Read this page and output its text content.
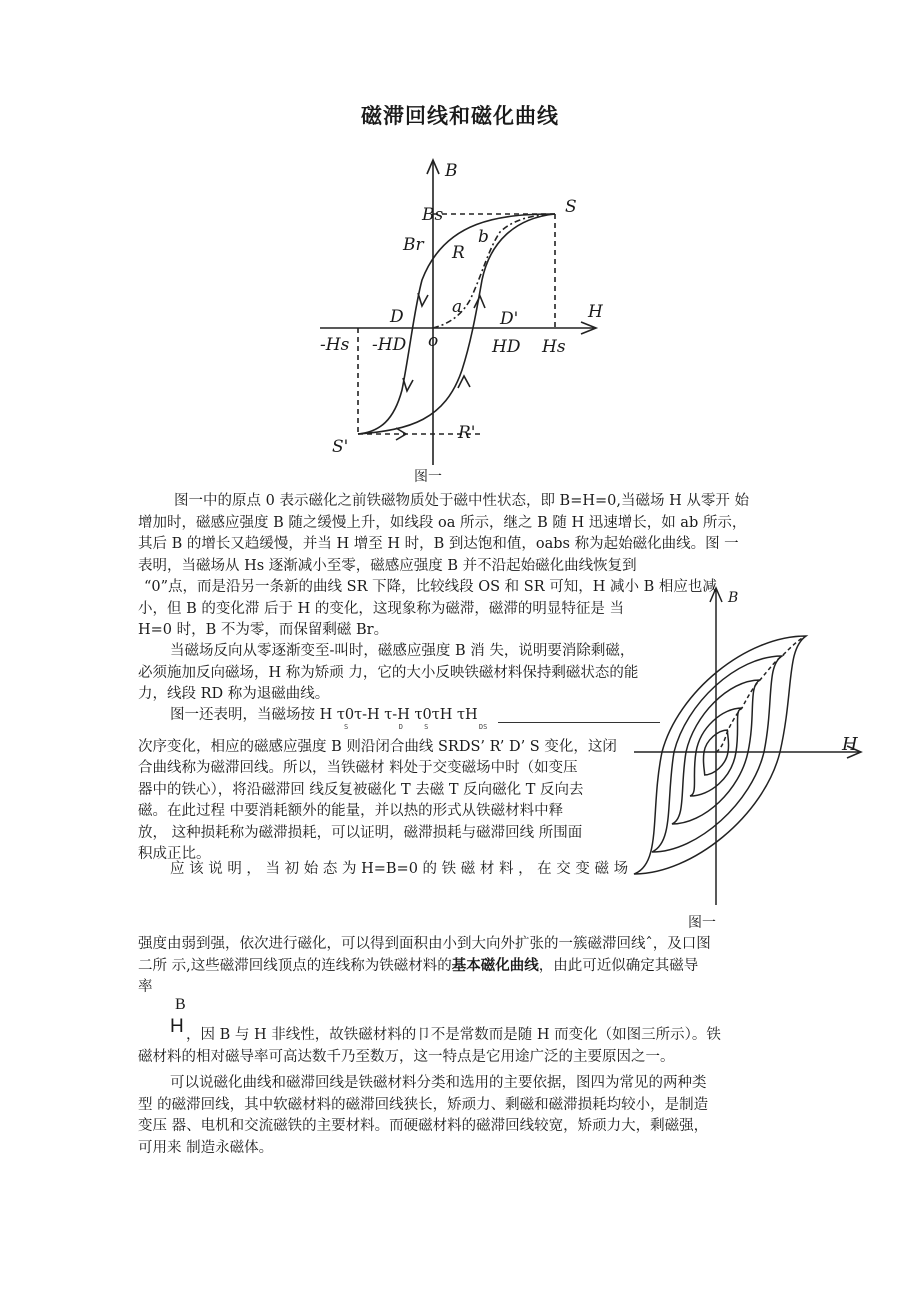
磁滞回线和磁化曲线
B
H
Bs	S
Br R
b
a
D	D'
-Hs -HD o	HD Hs
S'
R'
图一
H
B
图一

图一中的原点 0 表示磁化之前铁磁物质处于磁中性状态，即 B=H=0,当磁场 H 从零开 始

增加时，磁感应强度 B 随之缓慢上升，如线段 oa 所示，继之 B 随 H 迅速增长，如 ab 所示，

其后 B 的增长又趋缓慢，并当 H 增至 H 时，B 到达饱和值，oabs 称为起始磁化曲线。图 一

表明，当磁场从 Hs 逐渐减小至零，磁感应强度 B 并不沿起始磁化曲线恢复到

“0”点，而是沿另一条新的曲线 SR 下降，比较线段 OS 和 SR 可知，H 减小 B 相应也减

小，但 B 的变化滞 后于 H 的变化，这现象称为磁滞，磁滞的明显特征是 当

H=0 时，B 不为零，而保留剩磁 Br。

当磁场反向从零逐渐变至-叫时，磁感应强度 B 消 失，说明要消除剩磁，

必须施加反向磁场，H 称为矫顽 力，它的大小反映铁磁材料保持剩磁状态的能

力，线段 RD 称为退磁曲线。

图一还表明，当磁场按 H τ0τ-H τ-H τ0τH τH

S            D     S            DS

次序变化，相应的磁感应强度 B 则沿闭合曲线 SRDS’ R’ D’ S 变化，这闭

合曲线称为磁滞回线。所以，当铁磁材 料处于交变磁场中时（如变压

器中的铁心），将沿磁滞回 线反复被磁化 T 去磁 T 反向磁化 T 反向去

磁。在此过程 中要消耗额外的能量，并以热的形式从铁磁材料中释

放， 这种损耗称为磁滞损耗，可以证明，磁滞损耗与磁滞回线 所围面

积成正比。

应 该 说 明 ， 当 初 始 态 为 H=B=0 的 铁 磁 材 料 ， 在 交 变 磁 场

强度由弱到强，依次进行磁化，可以得到面积由小到大向外扩张的一簇磁滞回线ˆ，及口图

二所 示,这些磁滞回线顶点的连线称为铁磁材料的基本磁化曲线，由此可近似确定其磁导

率

B
H ，因 B 与 H 非线性，故铁磁材料的卩不是常数而是随 H 而变化（如图三所示）。铁

磁材料的相对磁导率可高达数千乃至数万，这一特点是它用途广泛的主要原因之一。

可以说磁化曲线和磁滞回线是铁磁材料分类和选用的主要依据，图四为常见的两种类

型 的磁滞回线，其中软磁材料的磁滞回线狭长，矫顽力、剩磁和磁滞损耗均较小，是制造

变压 器、电机和交流磁铁的主要材料。而硬磁材料的磁滞回线较宽，矫顽力大，剩磁强，

可用来 制造永磁体。
